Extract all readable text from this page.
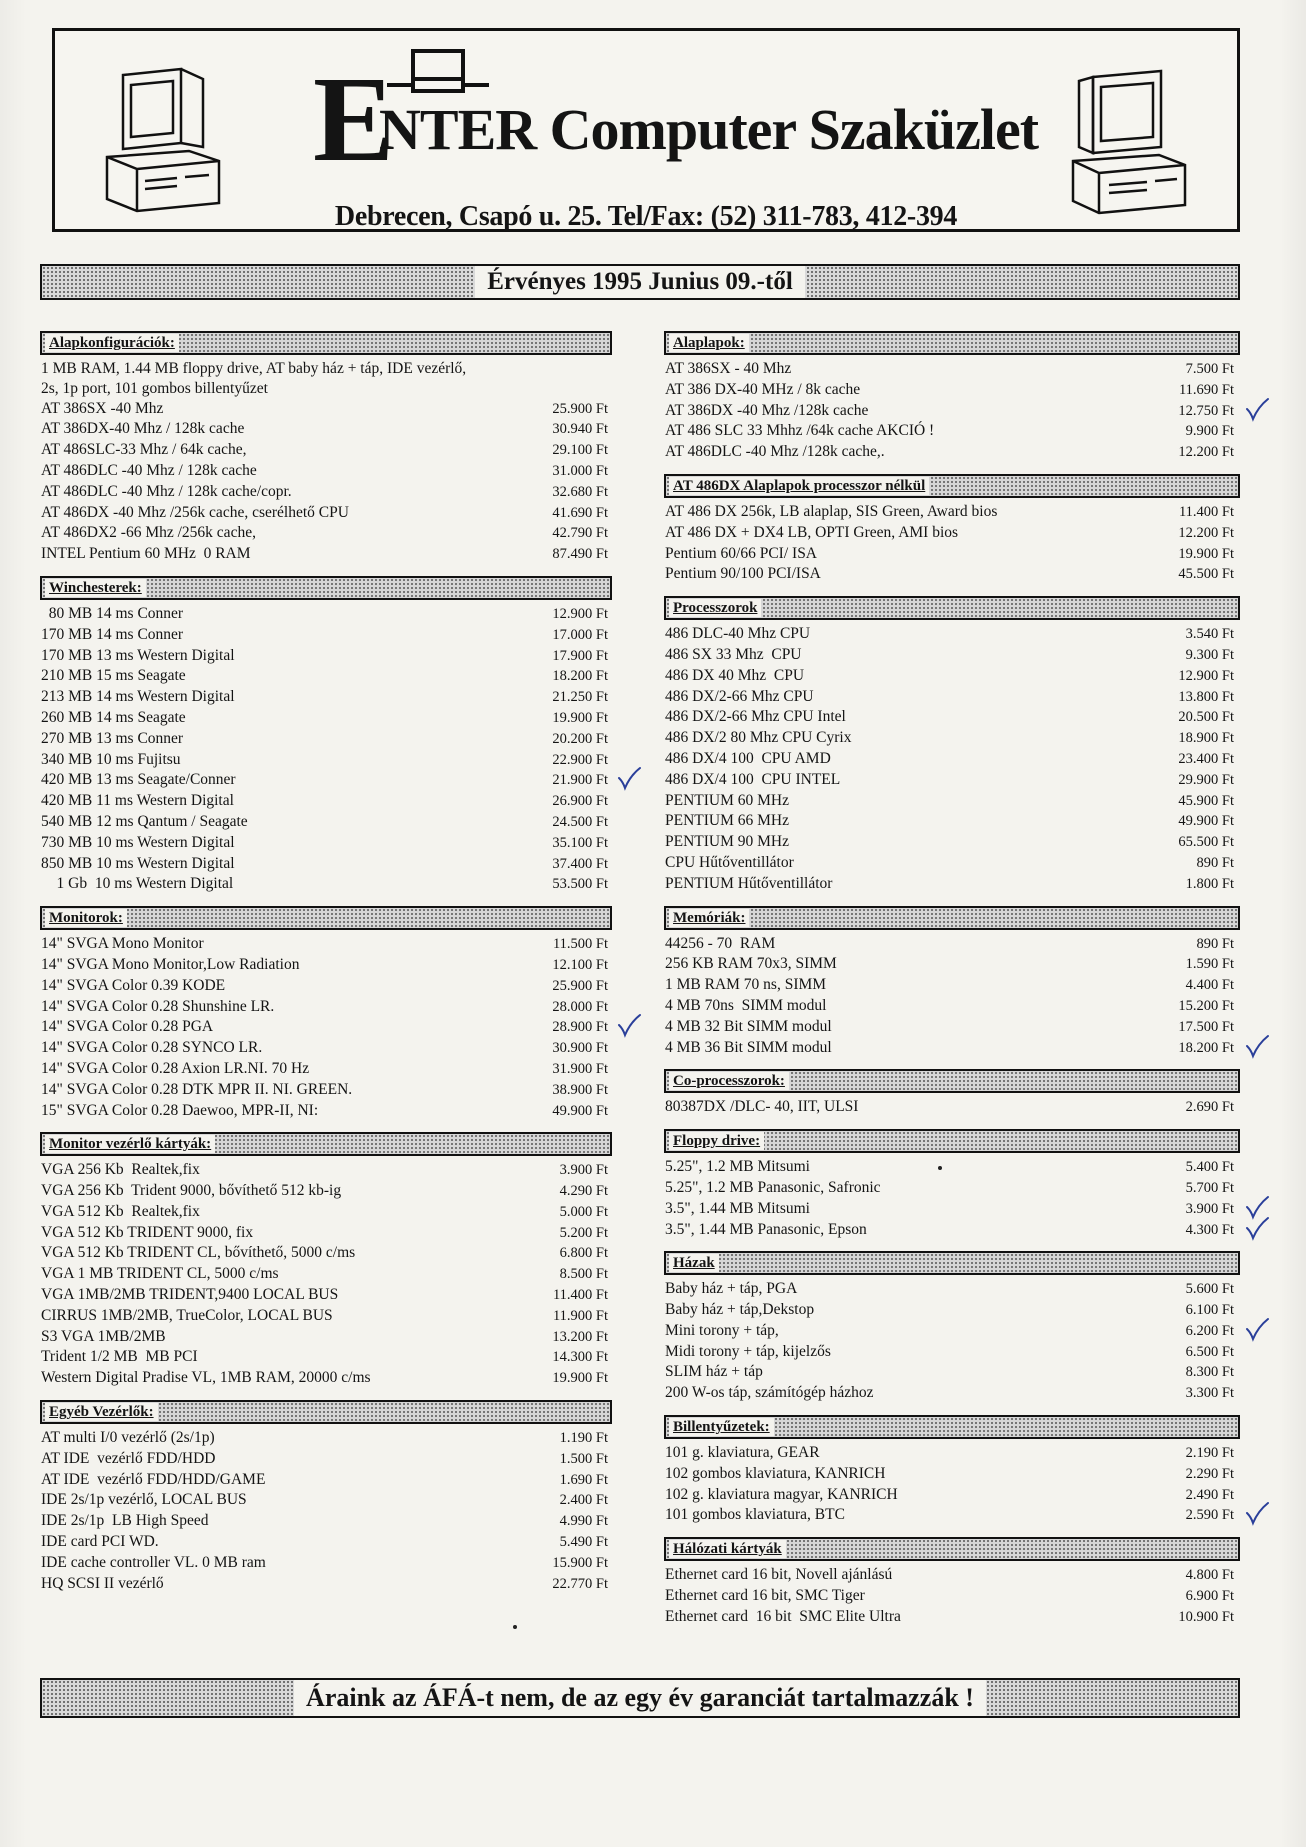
E
NTER Computer Szaküzlet
Debrecen, Csapó u. 25. Tel/Fax: (52) 311-783, 412-394
Érvényes 1995 Junius 09.-től
Alapkonfigurációk:
1 MB RAM, 1.44 MB floppy drive, AT baby ház + táp, IDE vezérlő,
2s, 1p port, 101 gombos billentyűzet
AT 386SX -40 Mhz	25.900 Ft
AT 386DX-40 Mhz / 128k cache	30.940 Ft
AT 486SLC-33 Mhz / 64k cache,	29.100 Ft
AT 486DLC -40 Mhz / 128k cache	31.000 Ft
AT 486DLC -40 Mhz / 128k cache/copr.	32.680 Ft
AT 486DX -40 Mhz /256k cache, cserélhető CPU	41.690 Ft
AT 486DX2 -66 Mhz /256k cache,	42.790 Ft
INTEL Pentium 60 MHz  0 RAM	87.490 Ft
Winchesterek:
80 MB 14 ms Conner	12.900 Ft
170 MB 14 ms Conner	17.000 Ft
170 MB 13 ms Western Digital	17.900 Ft
210 MB 15 ms Seagate	18.200 Ft
213 MB 14 ms Western Digital	21.250 Ft
260 MB 14 ms Seagate	19.900 Ft
270 MB 13 ms Conner	20.200 Ft
340 MB 10 ms Fujitsu	22.900 Ft
420 MB 13 ms Seagate/Conner	21.900 Ft
420 MB 11 ms Western Digital	26.900 Ft
540 MB 12 ms Qantum / Seagate	24.500 Ft
730 MB 10 ms Western Digital	35.100 Ft
850 MB 10 ms Western Digital	37.400 Ft
1 Gb  10 ms Western Digital	53.500 Ft
Monitorok:
14" SVGA Mono Monitor	11.500 Ft
14" SVGA Mono Monitor,Low Radiation	12.100 Ft
14" SVGA Color 0.39 KODE	25.900 Ft
14" SVGA Color 0.28 Shunshine LR.	28.000 Ft
14" SVGA Color 0.28 PGA	28.900 Ft
14" SVGA Color 0.28 SYNCO LR.	30.900 Ft
14" SVGA Color 0.28 Axion LR.NI. 70 Hz	31.900 Ft
14" SVGA Color 0.28 DTK MPR II. NI. GREEN.	38.900 Ft
15" SVGA Color 0.28 Daewoo, MPR-II, NI:	49.900 Ft
Monitor vezérlő kártyák:
VGA 256 Kb  Realtek,fix	3.900 Ft
VGA 256 Kb  Trident 9000, bővíthető 512 kb-ig	4.290 Ft
VGA 512 Kb  Realtek,fix	5.000 Ft
VGA 512 Kb TRIDENT 9000, fix	5.200 Ft
VGA 512 Kb TRIDENT CL, bővíthető, 5000 c/ms	6.800 Ft
VGA 1 MB TRIDENT CL, 5000 c/ms	8.500 Ft
VGA 1MB/2MB TRIDENT,9400 LOCAL BUS	11.400 Ft
CIRRUS 1MB/2MB, TrueColor, LOCAL BUS	11.900 Ft
S3 VGA 1MB/2MB	13.200 Ft
Trident 1/2 MB  MB PCI	14.300 Ft
Western Digital Pradise VL, 1MB RAM, 20000 c/ms	19.900 Ft
Egyéb Vezérlők:
AT multi I/0 vezérlő (2s/1p)	1.190 Ft
AT IDE  vezérlő FDD/HDD	1.500 Ft
AT IDE  vezérlő FDD/HDD/GAME	1.690 Ft
IDE 2s/1p vezérlő, LOCAL BUS	2.400 Ft
IDE 2s/1p  LB High Speed	4.990 Ft
IDE card PCI WD.	5.490 Ft
IDE cache controller VL. 0 MB ram	15.900 Ft
HQ SCSI II vezérlő	22.770 Ft
Alaplapok:
AT 386SX - 40 Mhz	7.500 Ft
AT 386 DX-40 MHz / 8k cache	11.690 Ft
AT 386DX -40 Mhz /128k cache	12.750 Ft
AT 486 SLC 33 Mhhz /64k cache AKCIÓ !	9.900 Ft
AT 486DLC -40 Mhz /128k cache,.	12.200 Ft
AT 486DX Alaplapok processzor nélkül
AT 486 DX 256k, LB alaplap, SIS Green, Award bios	11.400 Ft
AT 486 DX + DX4 LB, OPTI Green, AMI bios	12.200 Ft
Pentium 60/66 PCI/ ISA	19.900 Ft
Pentium 90/100 PCI/ISA	45.500 Ft
Processzorok
486 DLC-40 Mhz CPU	3.540 Ft
486 SX 33 Mhz  CPU	9.300 Ft
486 DX 40 Mhz  CPU	12.900 Ft
486 DX/2-66 Mhz CPU	13.800 Ft
486 DX/2-66 Mhz CPU Intel	20.500 Ft
486 DX/2 80 Mhz CPU Cyrix	18.900 Ft
486 DX/4 100  CPU AMD	23.400 Ft
486 DX/4 100  CPU INTEL	29.900 Ft
PENTIUM 60 MHz	45.900 Ft
PENTIUM 66 MHz	49.900 Ft
PENTIUM 90 MHz	65.500 Ft
CPU Hűtőventillátor	890 Ft
PENTIUM Hűtőventillátor	1.800 Ft
Memóriák:
44256 - 70  RAM	890 Ft
256 KB RAM 70x3, SIMM	1.590 Ft
1 MB RAM 70 ns, SIMM	4.400 Ft
4 MB 70ns  SIMM modul	15.200 Ft
4 MB 32 Bit SIMM modul	17.500 Ft
4 MB 36 Bit SIMM modul	18.200 Ft
Co-processzorok:
80387DX /DLC- 40, IIT, ULSI	2.690 Ft
Floppy drive:
5.25", 1.2 MB Mitsumi	5.400 Ft
5.25", 1.2 MB Panasonic, Safronic	5.700 Ft
3.5", 1.44 MB Mitsumi	3.900 Ft
3.5", 1.44 MB Panasonic, Epson	4.300 Ft
Házak
Baby ház + táp, PGA	5.600 Ft
Baby ház + táp,Dekstop	6.100 Ft
Mini torony + táp,	6.200 Ft
Midi torony + táp, kijelzős	6.500 Ft
SLIM ház + táp	8.300 Ft
200 W-os táp, számítógép házhoz	3.300 Ft
Billentyűzetek:
101 g. klaviatura, GEAR	2.190 Ft
102 gombos klaviatura, KANRICH	2.290 Ft
102 g. klaviatura magyar, KANRICH	2.490 Ft
101 gombos klaviatura, BTC	2.590 Ft
Hálózati kártyák
Ethernet card 16 bit, Novell ajánlású	4.800 Ft
Ethernet card 16 bit, SMC Tiger	6.900 Ft
Ethernet card  16 bit  SMC Elite Ultra	10.900 Ft
Áraink az ÁFÁ-t nem, de az egy év garanciát tartalmazzák !
